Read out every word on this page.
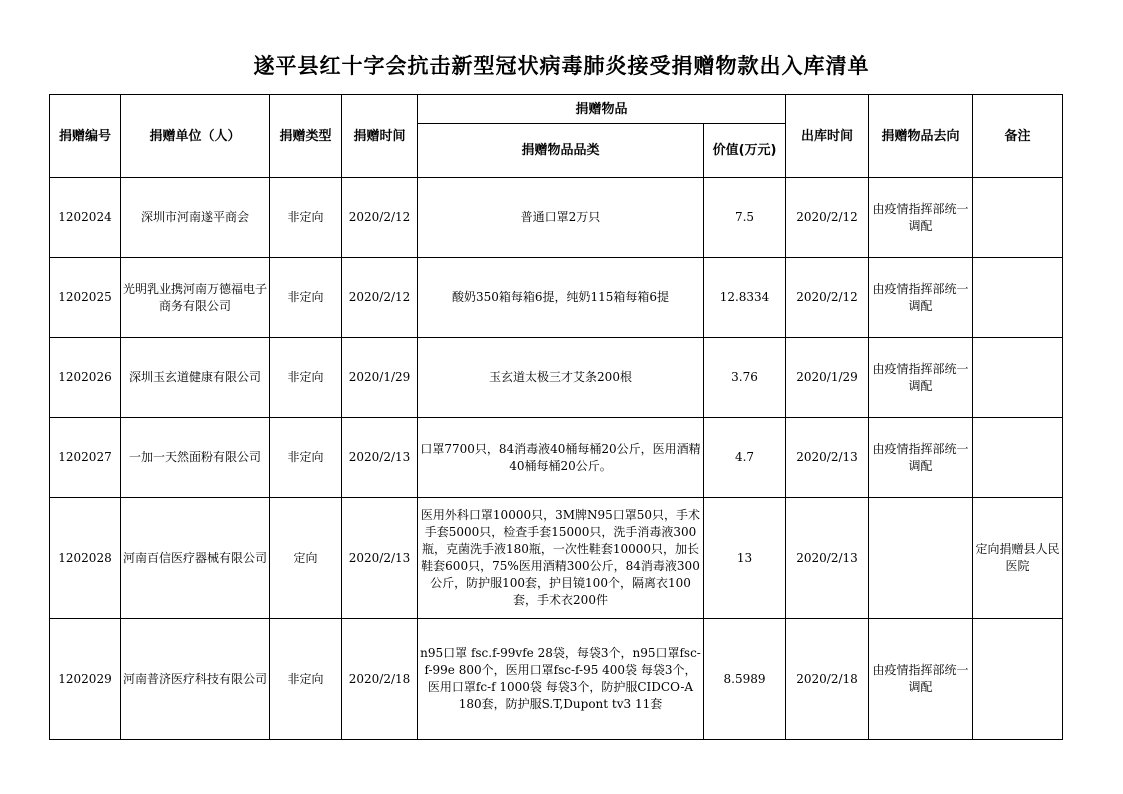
遂平县红十字会抗击新型冠状病毒肺炎接受捐赠物款出入库清单
捐赠编号	捐赠单位（人）	捐赠类型	捐赠时间	捐赠物品		出库时间	捐赠物品去向	备注
				捐赠物品品类	价值(万元)			
1202024	深圳市河南遂平商会	非定向	2020/2/12	普通口罩2万只	7.5	2020/2/12	由疫情指挥部统一调配	
1202025	光明乳业携河南万德福电子商务有限公司	非定向	2020/2/12	酸奶350箱每箱6提，纯奶115箱每箱6提	12.8334	2020/2/12	由疫情指挥部统一调配	
1202026	深圳玉玄道健康有限公司	非定向	2020/1/29	玉玄道太极三才艾条200根	3.76	2020/1/29	由疫情指挥部统一调配	
1202027	一加一天然面粉有限公司	非定向	2020/2/13	口罩7700只，84消毒液40桶每桶20公斤，医用酒精40桶每桶20公斤。	4.7	2020/2/13	由疫情指挥部统一调配	
1202028	河南百信医疗器械有限公司	定向	2020/2/13	医用外科口罩10000只，3M牌N95口罩50只，手术手套5000只，检查手套15000只，洗手消毒液300瓶，克菌洗手液180瓶，一次性鞋套10000只，加长鞋套600只，75%医用酒精300公斤，84消毒液300公斤，防护服100套，护目镜100个，隔离衣100套，手术衣200件	13	2020/2/13		定向捐赠县人民医院
1202029	河南普济医疗科技有限公司	非定向	2020/2/18	n95口罩 fsc.f-99vfe 28袋，每袋3个，n95口罩fsc-f-99e 800个，医用口罩fsc-f-95 400袋 每袋3个，医用口罩fc-f 1000袋 每袋3个，防护服CIDCO-A 180套，防护服S.T,Dupont tv3 11套	8.5989	2020/2/18	由疫情指挥部统一调配	
